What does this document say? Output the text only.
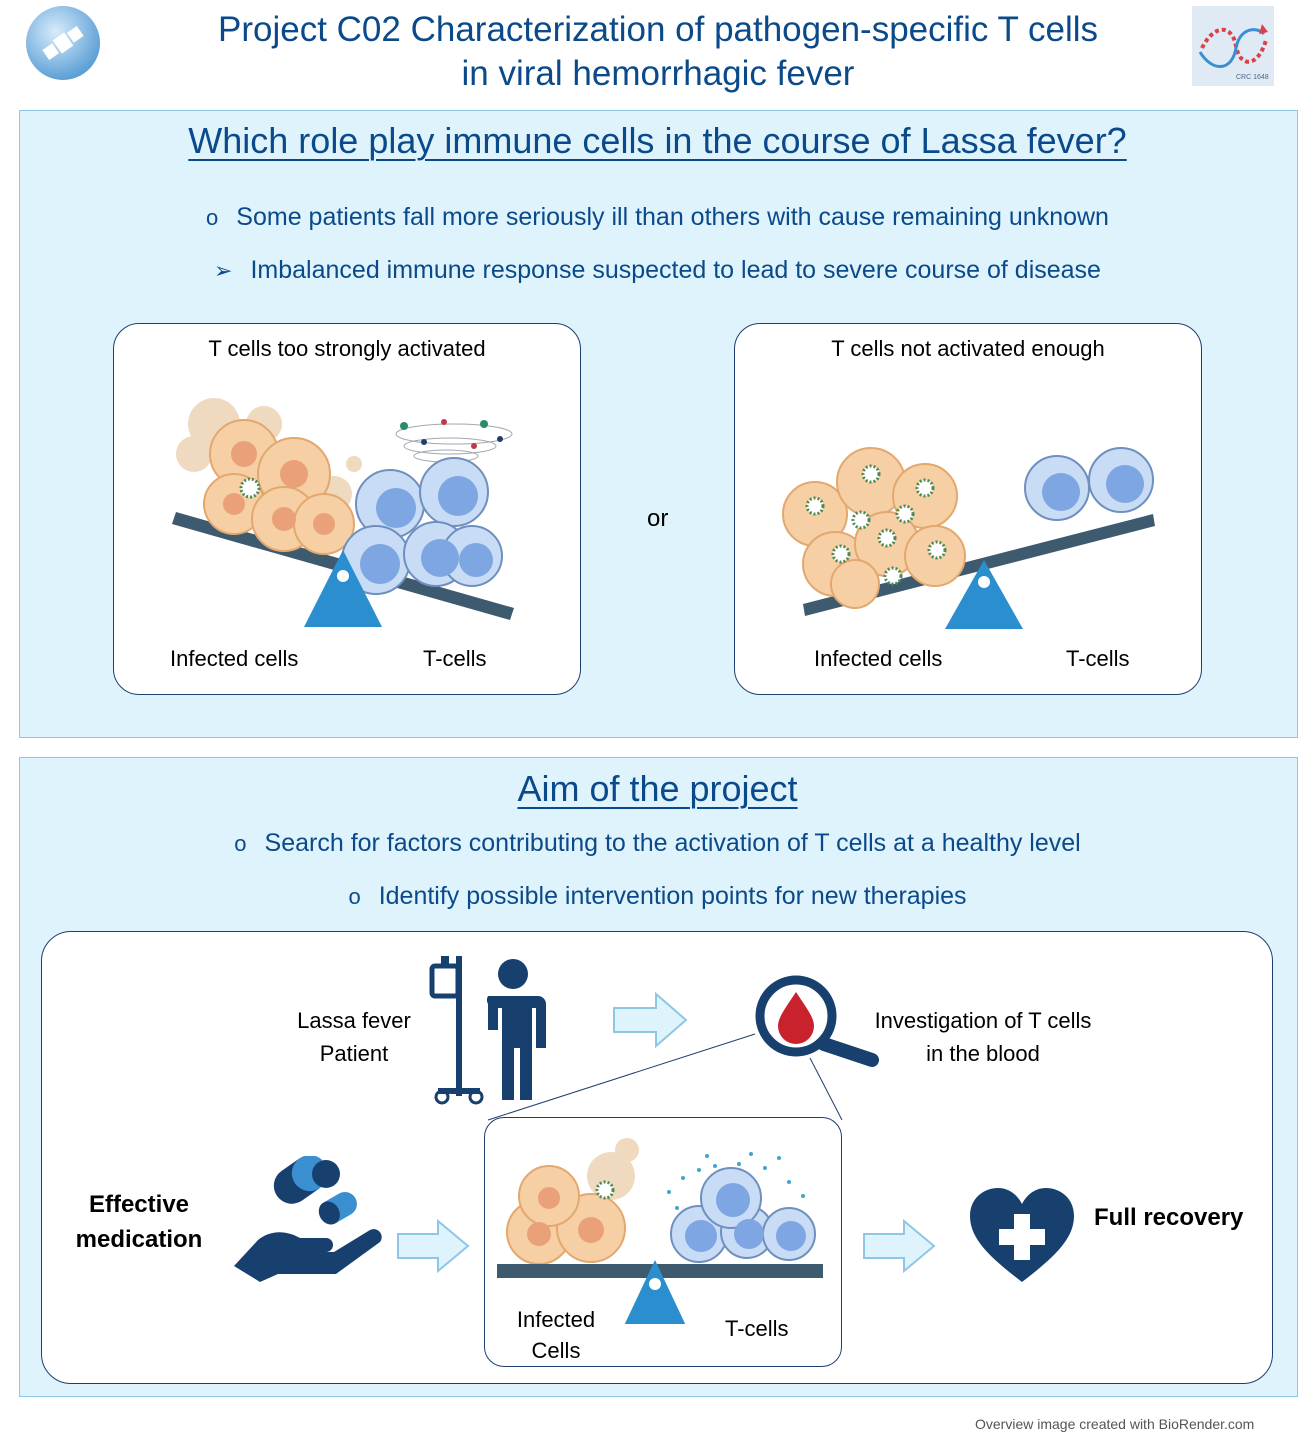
Project C02 Characterization of pathogen-specific T cells
in viral hemorrhagic fever	CRC 1648
Which role play immune cells in the course of Lassa fever?
o Some patients fall more seriously ill than others with cause remaining unknown
➢ Imbalanced immune response suspected to lead to severe course of disease
T cells too strongly activated
Infected cells	T-cells
or
T cells not activated enough
Infected cells	T-cells
Aim of the project
o Search for factors contributing to the activation of T cells at a healthy level
o Identify possible intervention points for new therapies
Lassa fever
Patient
Investigation of T cells
in the blood
Effective
medication
Infected
Cells
T-cells
Full recovery
Overview image created with BioRender.com
